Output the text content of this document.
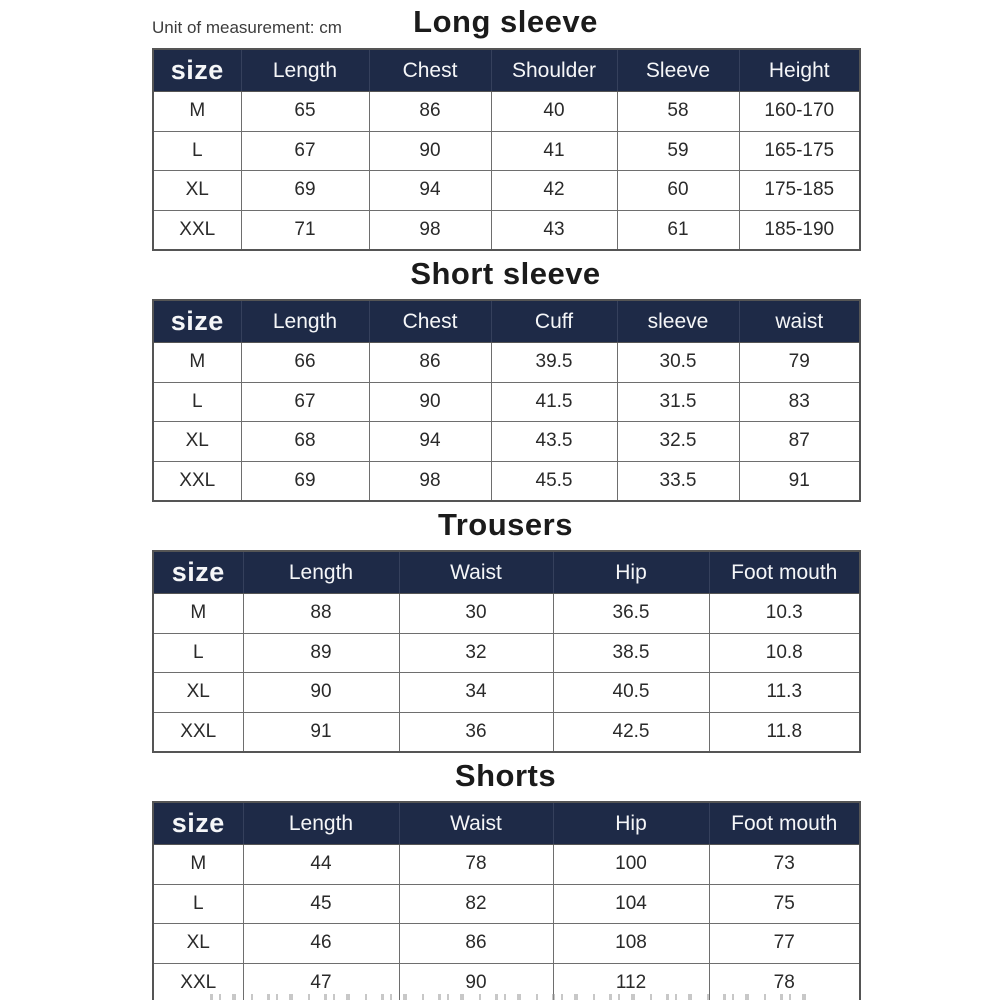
Unit of measurement: cm	Long sleeve
size	Length	Chest	Shoulder	Sleeve	Height
M	65	86	40	58	160-170
L	67	90	41	59	165-175
XL	69	94	42	60	175-185
XXL	71	98	43	61	185-190
Short sleeve
size	Length	Chest	Cuff	sleeve	waist
M	66	86	39.5	30.5	79
L	67	90	41.5	31.5	83
XL	68	94	43.5	32.5	87
XXL	69	98	45.5	33.5	91
Trousers
size	Length	Waist	Hip	Foot mouth
M	88	30	36.5	10.3
L	89	32	38.5	10.8
XL	90	34	40.5	11.3
XXL	91	36	42.5	11.8
Shorts
size	Length	Waist	Hip	Foot mouth
M	44	78	100	73
L	45	82	104	75
XL	46	86	108	77
XXL	47	90	112	78
